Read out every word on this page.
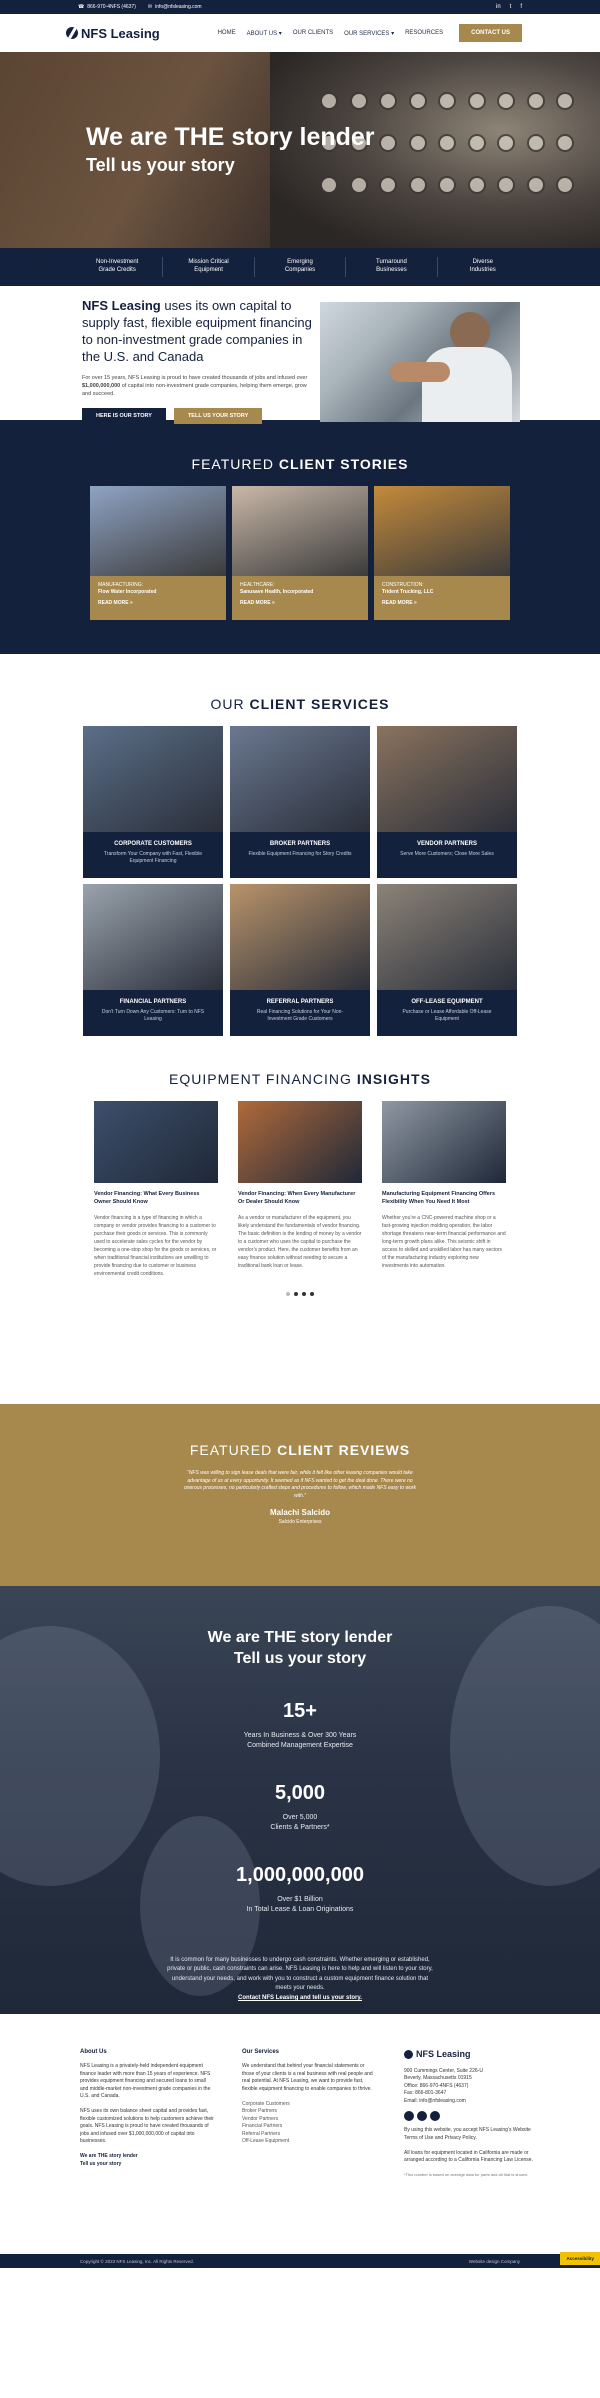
☎ 866-970-4NFS (4637) ✉ info@nfsleasing.com	in t f
NFS Leasing	HOME ABOUT US ▾ OUR CLIENTS OUR SERVICES ▾ RESOURCES	CONTACT US
We are THE story lender
Tell us your story
Non-Investment
Grade Credits
Mission Critical
Equipment
Emerging
Companies
Turnaround
Businesses
Diverse
Industries
NFS Leasing uses its own capital to supply fast, flexible equipment financing to non-investment grade companies in the U.S. and Canada

For over 15 years, NFS Leasing is proud to have created thousands of jobs and infused over $1,000,000,000 of capital into non-investment grade companies, helping them emerge, grow and succeed.

HERE IS OUR STORY	TELL US YOUR STORY
FEATURED CLIENT STORIES
MANUFACTURING:
Flow Water Incorporated
READ MORE »
HEALTHCARE:
Sanusave Health, Incorporated
READ MORE »
CONSTRUCTION:
Trident Trucking, LLC
READ MORE »
OUR CLIENT SERVICES
CORPORATE CUSTOMERS
Transform Your Company with Fast, Flexible Equipment Financing
BROKER PARTNERS
Flexible Equipment Financing for Story Credits
VENDOR PARTNERS
Serve More Customers; Close More Sales
FINANCIAL PARTNERS
Don’t Turn Down Any Customers: Turn to NFS Leasing
REFERRAL PARTNERS
Real Financing Solutions for Your Non-Investment Grade Customers
OFF-LEASE EQUIPMENT
Purchase or Lease Affordable Off-Lease Equipment
EQUIPMENT FINANCING INSIGHTS
Vendor Financing: What Every Business Owner Should Know

Vendor financing is a type of financing in which a company or vendor provides financing to a customer to purchase their goods or services. This is commonly used to accelerate sales cycles for the vendor by becoming a one-stop shop for the goods or services, or when traditional financial institutions are unwilling to provide financing due to customer or business environmental credit conditions.

Vendor Financing: When Every Manufacturer Or Dealer Should Know

As a vendor or manufacturer of the equipment, you likely understand the fundamentals of vendor financing. The basic definition is the lending of money by a vendor to a customer who uses the capital to purchase the vendor’s product. Here, the customer benefits from an easy finance solution without needing to secure a traditional bank loan or lease.

Manufacturing Equipment Financing Offers Flexibility When You Need It Most

Whether you’re a CNC-powered machine shop or a fast-growing injection molding operation, the labor shortage threatens near-term financial performance and long-term growth plans alike. This seismic shift in access to skilled and unskilled labor has many sectors of the manufacturing industry exploring new investments into automation.

FEATURED CLIENT REVIEWS

“NFS was willing to sign lease deals that were fair, while it felt like other leasing companies would take advantage of us at every opportunity. It seemed as if NFS wanted to get the deal done. There were no onerous processes, no particularly crafted steps and procedures to follow, which made NFS easy to work with.”

Malachi Salcido
Salcido Enterprises
We are THE story lender
Tell us your story
15+
Years In Business & Over 300 Years
Combined Management Expertise
5,000
Over 5,000
Clients & Partners*
1,000,000,000
Over $1 Billion
In Total Lease & Loan Originations
It is common for many businesses to undergo cash constraints. Whether emerging or established, private or public, cash constraints can arise. NFS Leasing is here to help and will listen to your story, understand your needs, and work with you to construct a custom equipment finance solution that meets your needs.
Contact NFS Leasing and tell us your story.
About Us

NFS Leasing is a privately-held independent equipment finance leader with more than 15 years of experience. NFS provides equipment financing and secured loans to small and middle-market non-investment grade companies in the U.S. and Canada.

NFS uses its own balance sheet capital and provides fast, flexible customized solutions to help customers achieve their goals. NFS Leasing is proud to have created thousands of jobs and infused over $1,000,000,000 of capital into businesses.

We are THE story lender
Tell us your story

Our Services

We understand that behind your financial statements or those of your clients is a real business with real people and real potential. At NFS Leasing, we want to provide fast, flexible equipment financing to enable companies to thrive.

Corporate Customers
Broker Partners
Vendor Partners
Financial Partners
Referral Partners
Off-Lease Equipment
NFS Leasing

900 Cummings Center, Suite 226-U
Beverly, Massachusetts 01915

Office: 866-970-4NFS (4637)

Fax: 866-801-3647

Email: info@nfsleasing.com

By using this website, you accept NFS Leasing’s Website Terms of Use and Privacy Policy.

All loans for equipment located in California are made or arranged according to a California Financing Law License.

*This number is based on average data for parts and all that is shown.

Copyright © 2023 NFS Leasing, Inc. All Rights Reserved.	Website design Company	Accessibility
